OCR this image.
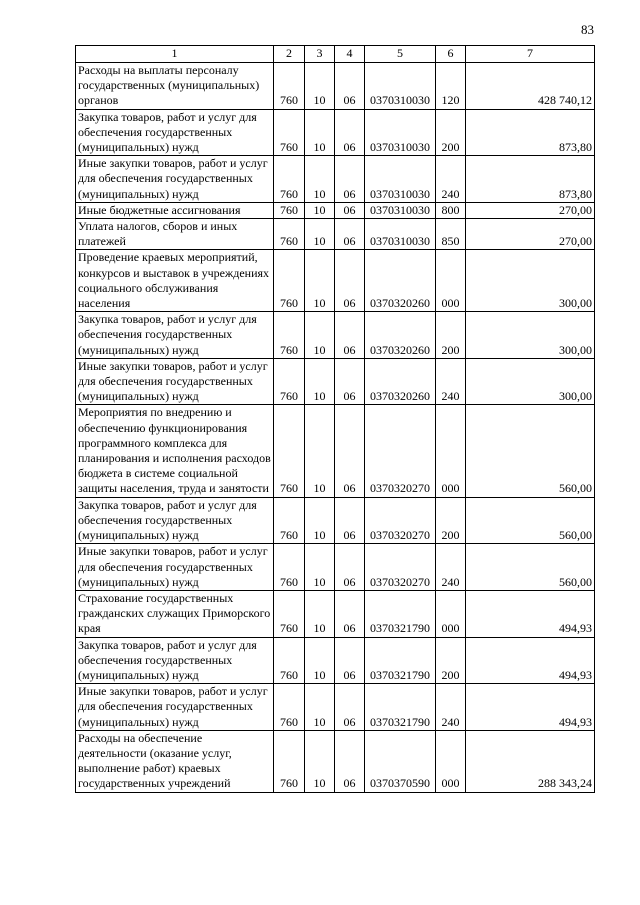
83
1	2	3	4	5	6	7
Расходы на выплаты персоналу государственных (муниципальных) органов	760	10	06	0370310030	120	428 740,12
Закупка товаров, работ и услуг для обеспечения государственных (муниципальных) нужд	760	10	06	0370310030	200	873,80
Иные закупки товаров, работ и услуг для обеспечения государственных (муниципальных) нужд	760	10	06	0370310030	240	873,80
Иные бюджетные ассигнования	760	10	06	0370310030	800	270,00
Уплата налогов, сборов и иных платежей	760	10	06	0370310030	850	270,00
Проведение краевых мероприятий, конкурсов и выставок в учреждениях социального обслуживания населения	760	10	06	0370320260	000	300,00
Закупка товаров, работ и услуг для обеспечения государственных (муниципальных) нужд	760	10	06	0370320260	200	300,00
Иные закупки товаров, работ и услуг для обеспечения государственных (муниципальных) нужд	760	10	06	0370320260	240	300,00
Мероприятия по внедрению и обеспечению функционирования программного комплекса для планирования и исполнения расходов бюджета в системе социальной защиты населения, труда и занятости	760	10	06	0370320270	000	560,00
Закупка товаров, работ и услуг для обеспечения государственных (муниципальных) нужд	760	10	06	0370320270	200	560,00
Иные закупки товаров, работ и услуг для обеспечения государственных (муниципальных) нужд	760	10	06	0370320270	240	560,00
Страхование государственных гражданских служащих Приморского края	760	10	06	0370321790	000	494,93
Закупка товаров, работ и услуг для обеспечения государственных (муниципальных) нужд	760	10	06	0370321790	200	494,93
Иные закупки товаров, работ и услуг для обеспечения государственных (муниципальных) нужд	760	10	06	0370321790	240	494,93
Расходы на обеспечение деятельности (оказание услуг, выполнение работ) краевых государственных учреждений	760	10	06	0370370590	000	288 343,24
